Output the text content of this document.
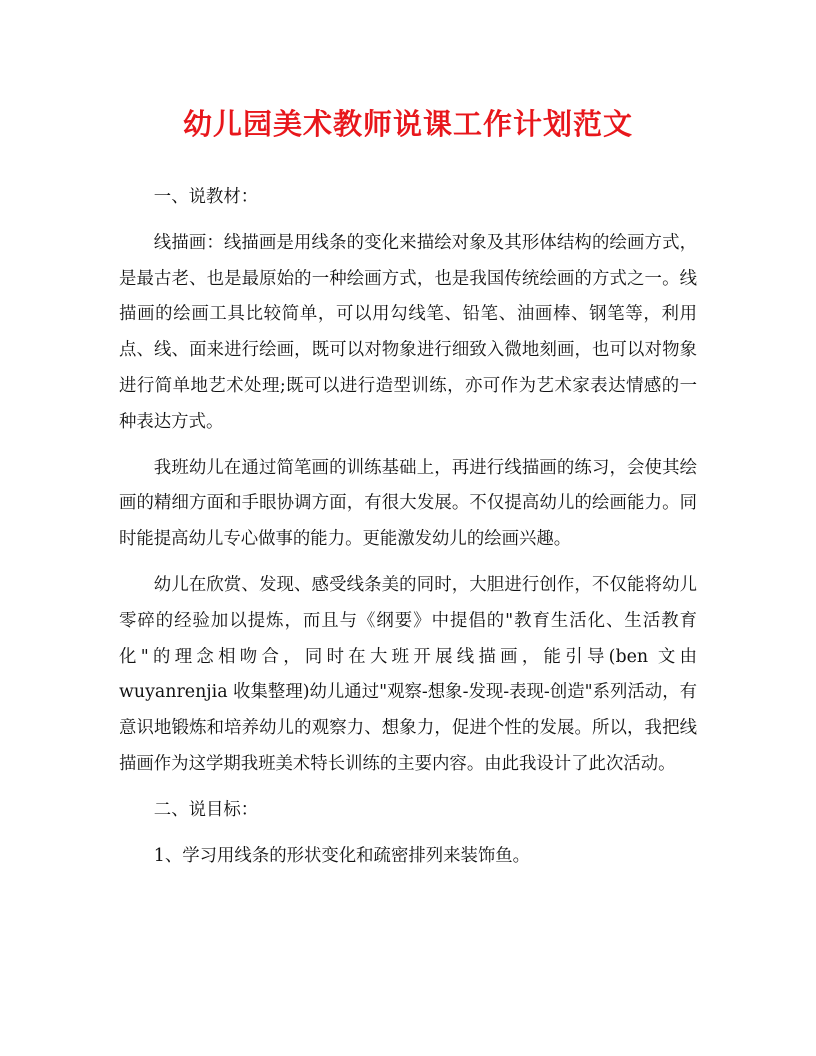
幼儿园美术教师说课工作计划范文

一、说教材：

线描画：线描画是用线条的变化来描绘对象及其形体结构的绘画方式，是最古老、也是最原始的一种绘画方式，也是我国传统绘画的方式之一。线描画的绘画工具比较简单，可以用勾线笔、铅笔、油画棒、钢笔等，利用点、线、面来进行绘画，既可以对物象进行细致入微地刻画，也可以对物象进行简单地艺术处理;既可以进行造型训练，亦可作为艺术家表达情感的一种表达方式。

我班幼儿在通过简笔画的训练基础上，再进行线描画的练习，会使其绘画的精细方面和手眼协调方面，有很大发展。不仅提高幼儿的绘画能力。同时能提高幼儿专心做事的能力。更能激发幼儿的绘画兴趣。

幼儿在欣赏、发现、感受线条美的同时，大胆进行创作，不仅能将幼儿零碎的经验加以提炼，而且与《纲要》中提倡的"教育生活化、生活教育化"的理念相吻合，同时在大班开展线描画，能引导(ben 文由 wuyanrenjia 收集整理)幼儿通过"观察-想象-发现-表现-创造"系列活动，有意识地锻炼和培养幼儿的观察力、想象力，促进个性的发展。所以，我把线描画作为这学期我班美术特长训练的主要内容。由此我设计了此次活动。

二、说目标：

1、学习用线条的形状变化和疏密排列来装饰鱼。
